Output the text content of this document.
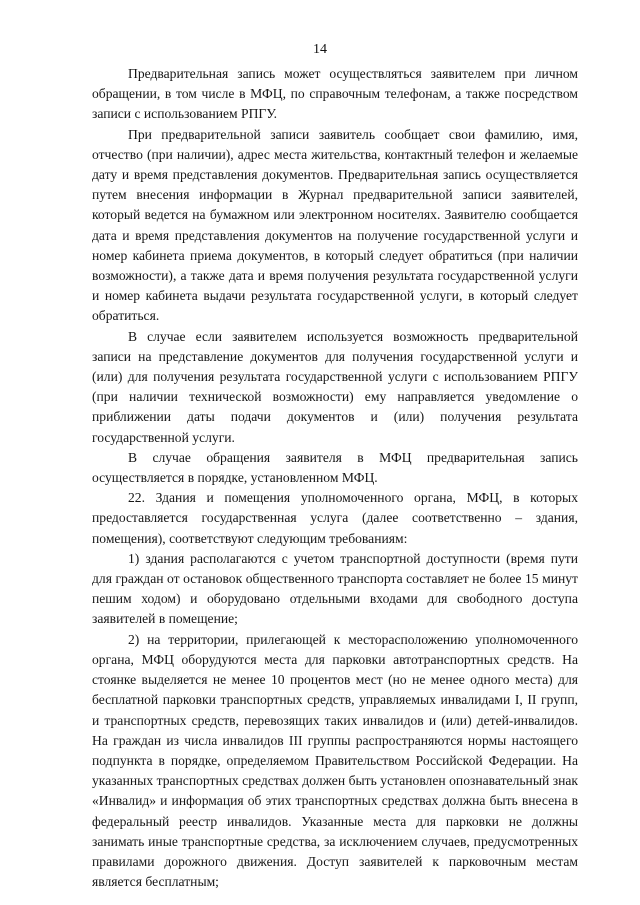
14

Предварительная запись может осуществляться заявителем при личном обращении, в том числе в МФЦ, по справочным телефонам, а также посредством записи с использованием РПГУ.

При предварительной записи заявитель сообщает свои фамилию, имя, отчество (при наличии), адрес места жительства, контактный телефон и желаемые дату и время представления документов. Предварительная запись осуществляется путем внесения информации в Журнал предварительной записи заявителей, который ведется на бумажном или электронном носителях. Заявителю сообщается дата и время представления документов на получение государственной услуги и номер кабинета приема документов, в который следует обратиться (при наличии возможности), а также дата и время получения результата государственной услуги и номер кабинета выдачи результата государственной услуги, в который следует обратиться.

В случае если заявителем используется возможность предварительной записи на представление документов для получения государственной услуги и (или) для получения результата государственной услуги с использованием РПГУ (при наличии технической возможности) ему направляется уведомление о приближении даты подачи документов и (или) получения результата государственной услуги.

В случае обращения заявителя в МФЦ предварительная запись осуществляется в порядке, установленном МФЦ.

22. Здания и помещения уполномоченного органа, МФЦ, в которых предоставляется государственная услуга (далее соответственно – здания, помещения), соответствуют следующим требованиям:

1) здания располагаются с учетом транспортной доступности (время пути для граждан от остановок общественного транспорта составляет не более 15 минут пешим ходом) и оборудовано отдельными входами для свободного доступа заявителей в помещение;

2) на территории, прилегающей к месторасположению уполномоченного органа, МФЦ оборудуются места для парковки автотранспортных средств. На стоянке выделяется не менее 10 процентов мест (но не менее одного места) для бесплатной парковки транспортных средств, управляемых инвалидами I, II групп, и транспортных средств, перевозящих таких инвалидов и (или) детей-инвалидов. На граждан из числа инвалидов III группы распространяются нормы настоящего подпункта в порядке, определяемом Правительством Российской Федерации. На указанных транспортных средствах должен быть установлен опознавательный знак «Инвалид» и информация об этих транспортных средствах должна быть внесена в федеральный реестр инвалидов. Указанные места для парковки не должны занимать иные транспортные средства, за исключением случаев, предусмотренных правилами дорожного движения. Доступ заявителей к парковочным местам является бесплатным;
